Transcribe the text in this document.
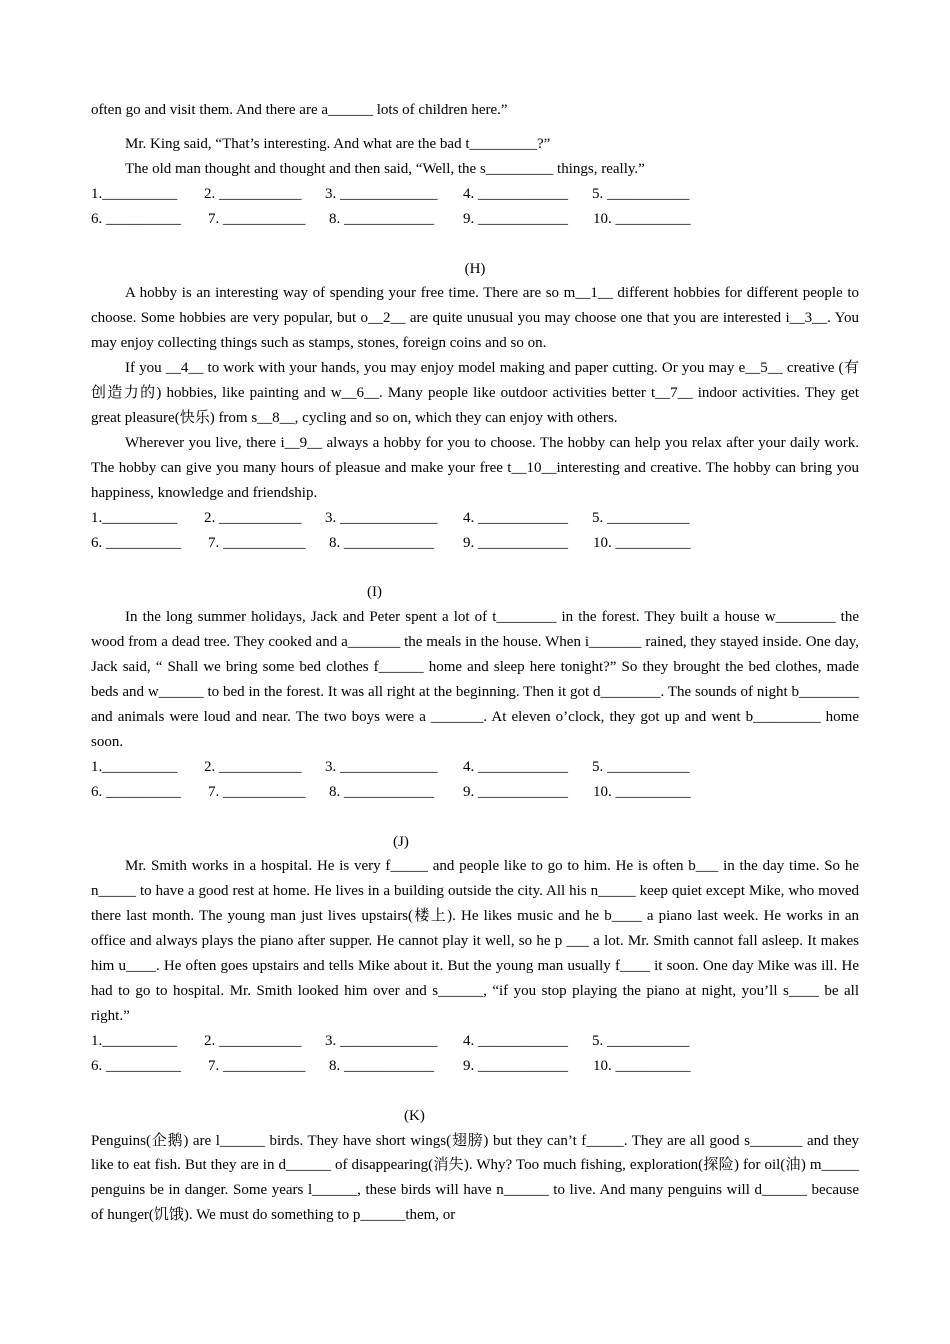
often go and visit them. And there are a______ lots of children here.”

Mr. King said, “That’s interesting. And what are the bad t_________?”

The old man thought and thought and then said, “Well, the s_________ things, really.”

1.__________	2. ___________	3. _____________	4. ____________	5. ___________
6. __________	7. ___________	8. ____________	9. ____________	10. __________

(H)

A hobby is an interesting way of spending your free time. There are so m__1__ different hobbies for different people to choose. Some hobbies are very popular, but o__2__ are quite unusual you may choose one that you are interested i__3__. You may enjoy collecting things such as stamps, stones, foreign coins and so on.

If you __4__ to work with your hands, you may enjoy model making and paper cutting. Or you may e__5__ creative (有创造力的) hobbies, like painting and w__6__. Many people like outdoor activities better t__7__ indoor activities. They get great pleasure(快乐) from s__8__, cycling and so on, which they can enjoy with others.

Wherever you live, there i__9__ always a hobby for you to choose. The hobby can help you relax after your daily work. The hobby can give you many hours of pleasue and make your free t__10__interesting and creative. The hobby can bring you happiness, knowledge and friendship.

1.__________	2. ___________	3. _____________	4. ____________	5. ___________
6. __________	7. ___________	8. ____________	9. ____________	10. __________

(I)

In the long summer holidays, Jack and Peter spent a lot of t________ in the forest. They built a house w________ the wood from a dead tree. They cooked and a_______ the meals in the house. When i_______ rained, they stayed inside. One day, Jack said, “ Shall we bring some bed clothes f______ home and sleep here tonight?” So they brought the bed clothes, made beds and w______ to bed in the forest. It was all right at the beginning. Then it got d________. The sounds of night b________ and animals were loud and near. The two boys were a _______. At eleven o’clock, they got up and went b_________ home soon.

1.__________	2. ___________	3. _____________	4. ____________	5. ___________
6. __________	7. ___________	8. ____________	9. ____________	10. __________

(J)

Mr. Smith works in a hospital. He is very f_____ and people like to go to him. He is often b___ in the day time. So he n_____ to have a good rest at home. He lives in a building outside the city. All his n_____ keep quiet except Mike, who moved there last month. The young man just lives upstairs(楼上). He likes music and he b____ a piano last week. He works in an office and always plays the piano after supper. He cannot play it well, so he p ___ a lot. Mr. Smith cannot fall asleep. It makes him u____. He often goes upstairs and tells Mike about it. But the young man usually f____ it soon. One day Mike was ill. He had to go to hospital. Mr. Smith looked him over and s______, “if you stop playing the piano at night, you’ll s____ be all right.”

1.__________	2. ___________	3. _____________	4. ____________	5. ___________
6. __________	7. ___________	8. ____________	9. ____________	10. __________

(K)

Penguins(企鹅) are l______ birds. They have short wings(翅膀) but they can’t f_____. They are all good s_______ and they like to eat fish. But they are in d______ of disappearing(消失). Why? Too much fishing, exploration(探险) for oil(油) m_____ penguins be in danger. Some years l______, these birds will have n______ to live. And many penguins will d______ because of hunger(饥饿). We must do something to p______them, or
